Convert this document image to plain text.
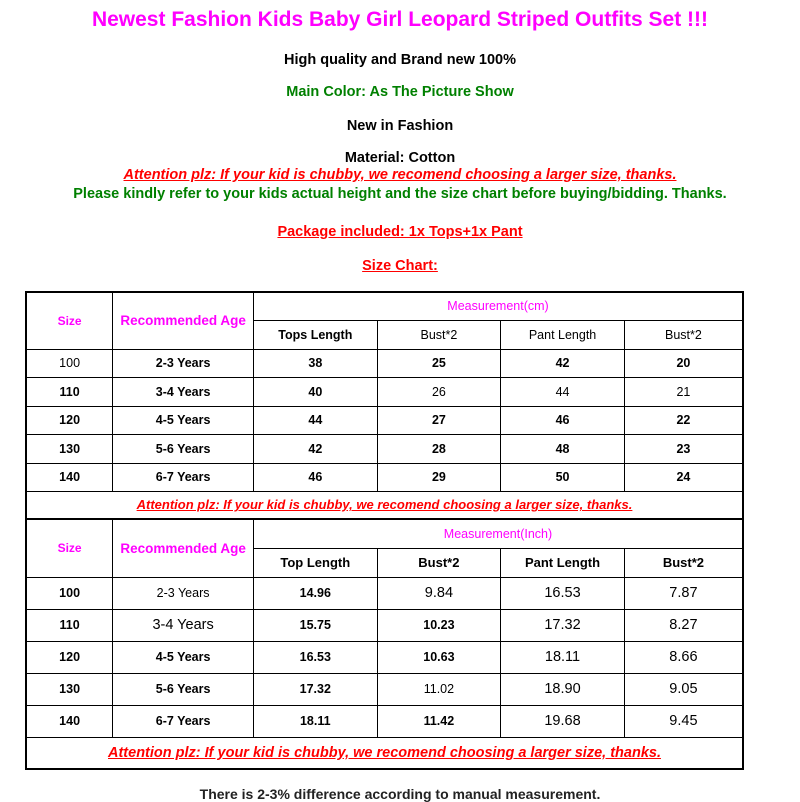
Newest Fashion Kids Baby Girl Leopard Striped Outfits Set !!!
High quality and Brand new 100%
Main Color: As The Picture Show
New in Fashion
Material: Cotton
Attention plz: If your kid is chubby, we recomend choosing a larger size, thanks.
Please kindly refer to your kids actual height and the size chart before buying/bidding. Thanks.
Package included: 1x Tops+1x Pant
Size Chart:
Size	Recommended Age	Measurement(cm)			
		Tops Length	Bust*2	Pant Length	Bust*2
100	2-3 Years	38	25	42	20
110	3-4 Years	40	26	44	21
120	4-5 Years	44	27	46	22
130	5-6 Years	42	28	48	23
140	6-7 Years	46	29	50	24
Attention plz: If your kid is chubby, we recomend choosing a larger size, thanks.					
Size	Recommended Age	Measurement(Inch)			
		Top Length	Bust*2	Pant Length	Bust*2
100	2-3 Years	14.96	9.84	16.53	7.87
110	3-4 Years	15.75	10.23	17.32	8.27
120	4-5 Years	16.53	10.63	18.11	8.66
130	5-6 Years	17.32	11.02	18.90	9.05
140	6-7 Years	18.11	11.42	19.68	9.45
Attention plz: If your kid is chubby, we recomend choosing a larger size, thanks.					
There is 2-3% difference according to manual measurement.
